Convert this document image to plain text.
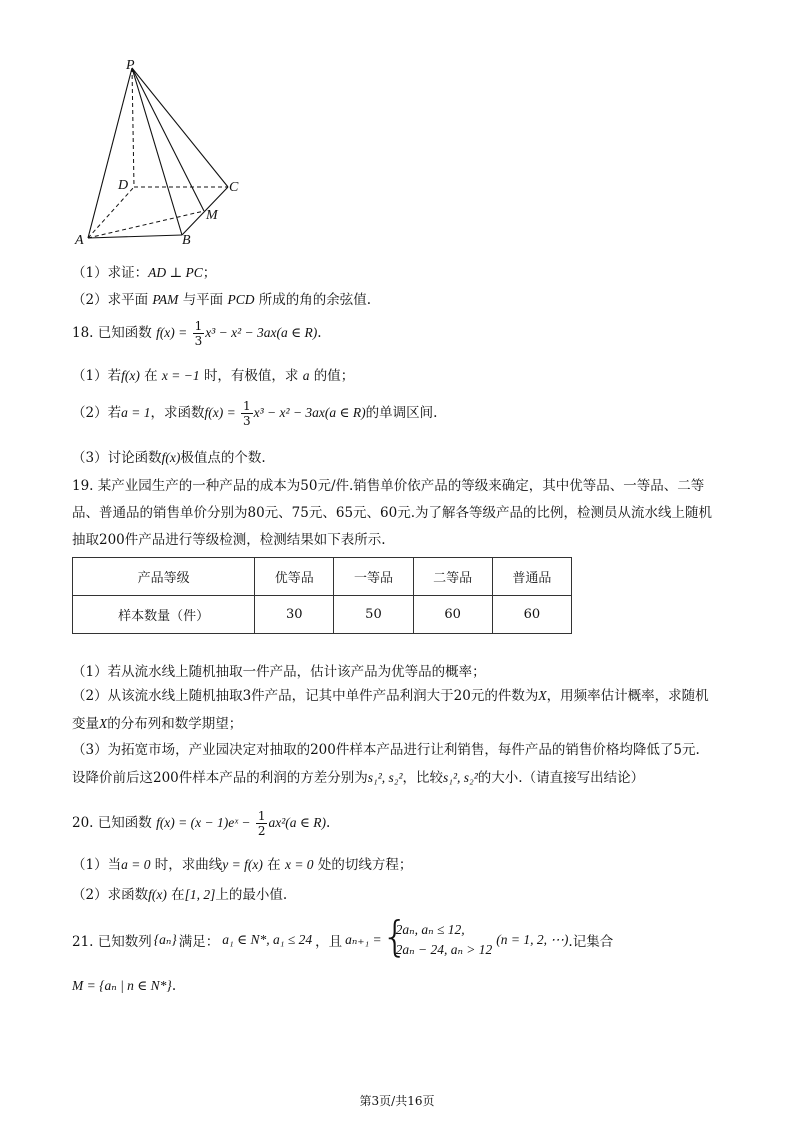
P
D	C
M
A	B
（1）求证：AD ⊥ PC；
（2）求平面 PAM 与平面 PCD 所成的角的余弦值.
18. 已知函数 $f(x) = \frac{1}{3} x^3 - x^2 - 3ax(a$ ∈ R).
（1）若f(x) 在 x = −1 时，有极值，求 a 的值；
（2）若a = 1，求函数$f(x) = \frac{1}{3} x^3 - x^2 - 3ax(a$ ∈ R)的单调区间.
（3）讨论函数f(x)极值点的个数.
19. 某产业园生产的一种产品的成本为50元/件.销售单价依产品的等级来确定，其中优等品、一等品、二等品、普通品的销售单价分别为80元、75元、65元、60元.为了解各等级产品的比例，检测员从流水线上随机抽取200件产品进行等级检测，检测结果如下表所示.
产品等级	优等品	一等品	二等品	普通品
样本数量（件）	30	50	60	60
（1）若从流水线上随机抽取一件产品，估计该产品为优等品的概率；
（2）从该流水线上随机抽取3件产品，记其中单件产品利润大于20元的件数为X，用频率估计概率，求随机变量X的分布列和数学期望；
（3）为拓宽市场，产业园决定对抽取的200件样本产品进行让利销售，每件产品的销售价格均降低了5元.设降价前后这200件样本产品的利润的方差分别为s₁², s₂²，比较s₁², s₂²的大小.（请直接写出结论）
20. 已知函数 f(x) = (x − 1)eˣ − $\frac{1}{2} ax^2(a$ ∈ R).
（1）当a = 0 时，求曲线y = f(x) 在 x = 0 处的切线方程；
（2）求函数f(x) 在[1, 2]上的最小值.
21. 已知数列 {aₙ} 满足： a₁ ∈ N*, a₁ ≤ 24 ，且 aₙ₊₁ = {
2aₙ, aₙ ≤ 12,
2aₙ − 24, aₙ > 12
(n = 1, 2, ⋯) .记集合
M = {aₙ | n ∈ N*}.
第3页/共16页
